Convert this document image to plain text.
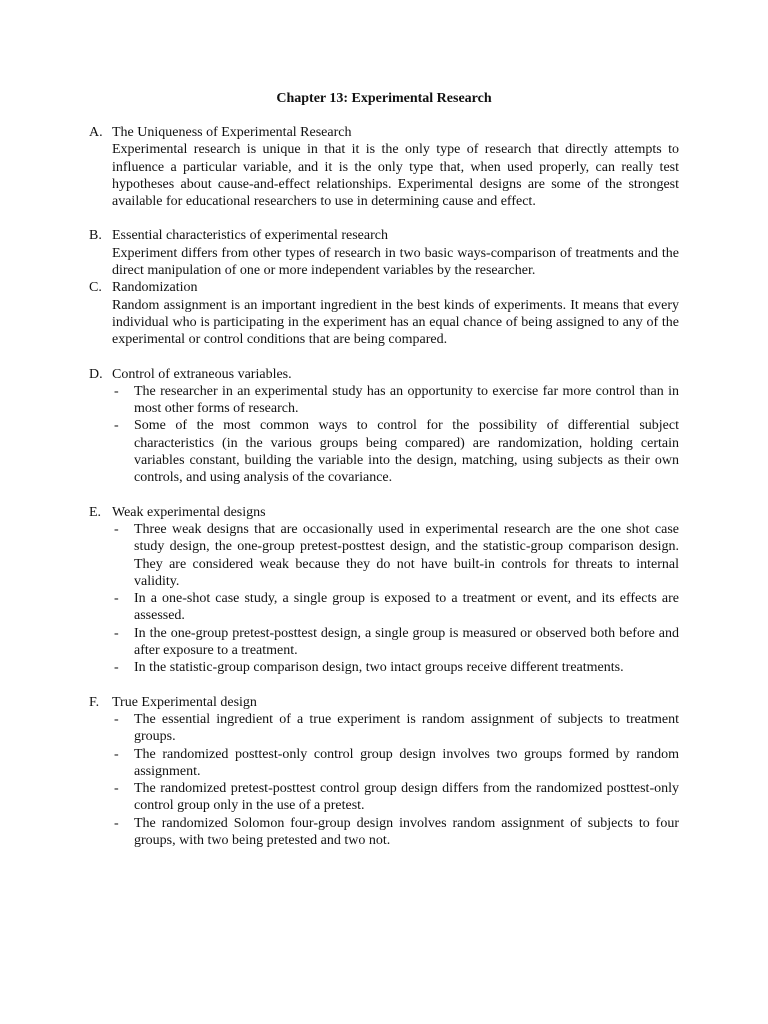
Chapter 13: Experimental Research
A. The Uniqueness of Experimental Research
Experimental research is unique in that it is the only type of research that directly attempts to influence a particular variable, and it is the only type that, when used properly, can really test hypotheses about cause-and-effect relationships. Experimental designs are some of the strongest available for educational researchers to use in determining cause and effect.
B. Essential characteristics of experimental research
Experiment differs from other types of research in two basic ways-comparison of treatments and the direct manipulation of one or more independent variables by the researcher.
C. Randomization
Random assignment is an important ingredient in the best kinds of experiments. It means that every individual who is participating in the experiment has an equal chance of being assigned to any of the experimental or control conditions that are being compared.
D. Control of extraneous variables.
-	The researcher in an experimental study has an opportunity to exercise far more control than in most other forms of research.
-	Some of the most common ways to control for the possibility of differential subject characteristics (in the various groups being compared) are randomization, holding certain variables constant, building the variable into the design, matching, using subjects as their own controls, and using analysis of the covariance.
E. Weak experimental designs
-	Three weak designs that are occasionally used in experimental research are the one shot case study design, the one-group pretest-posttest design, and the statistic-group comparison design. They are considered weak because they do not have built-in controls for threats to internal validity.
-	In a one-shot case study, a single group is exposed to a treatment or event, and its effects are assessed.
-	In the one-group pretest-posttest design, a single group is measured or observed both before and after exposure to a treatment.
-	In the statistic-group comparison design, two intact groups receive different treatments.
F. True Experimental design
-	The essential ingredient of a true experiment is random assignment of subjects to treatment groups.
-	The randomized posttest-only control group design involves two groups formed by random assignment.
-	The randomized pretest-posttest control group design differs from the randomized posttest-only control group only in the use of a pretest.
-	The randomized Solomon four-group design involves random assignment of subjects to four groups, with two being pretested and two not.
